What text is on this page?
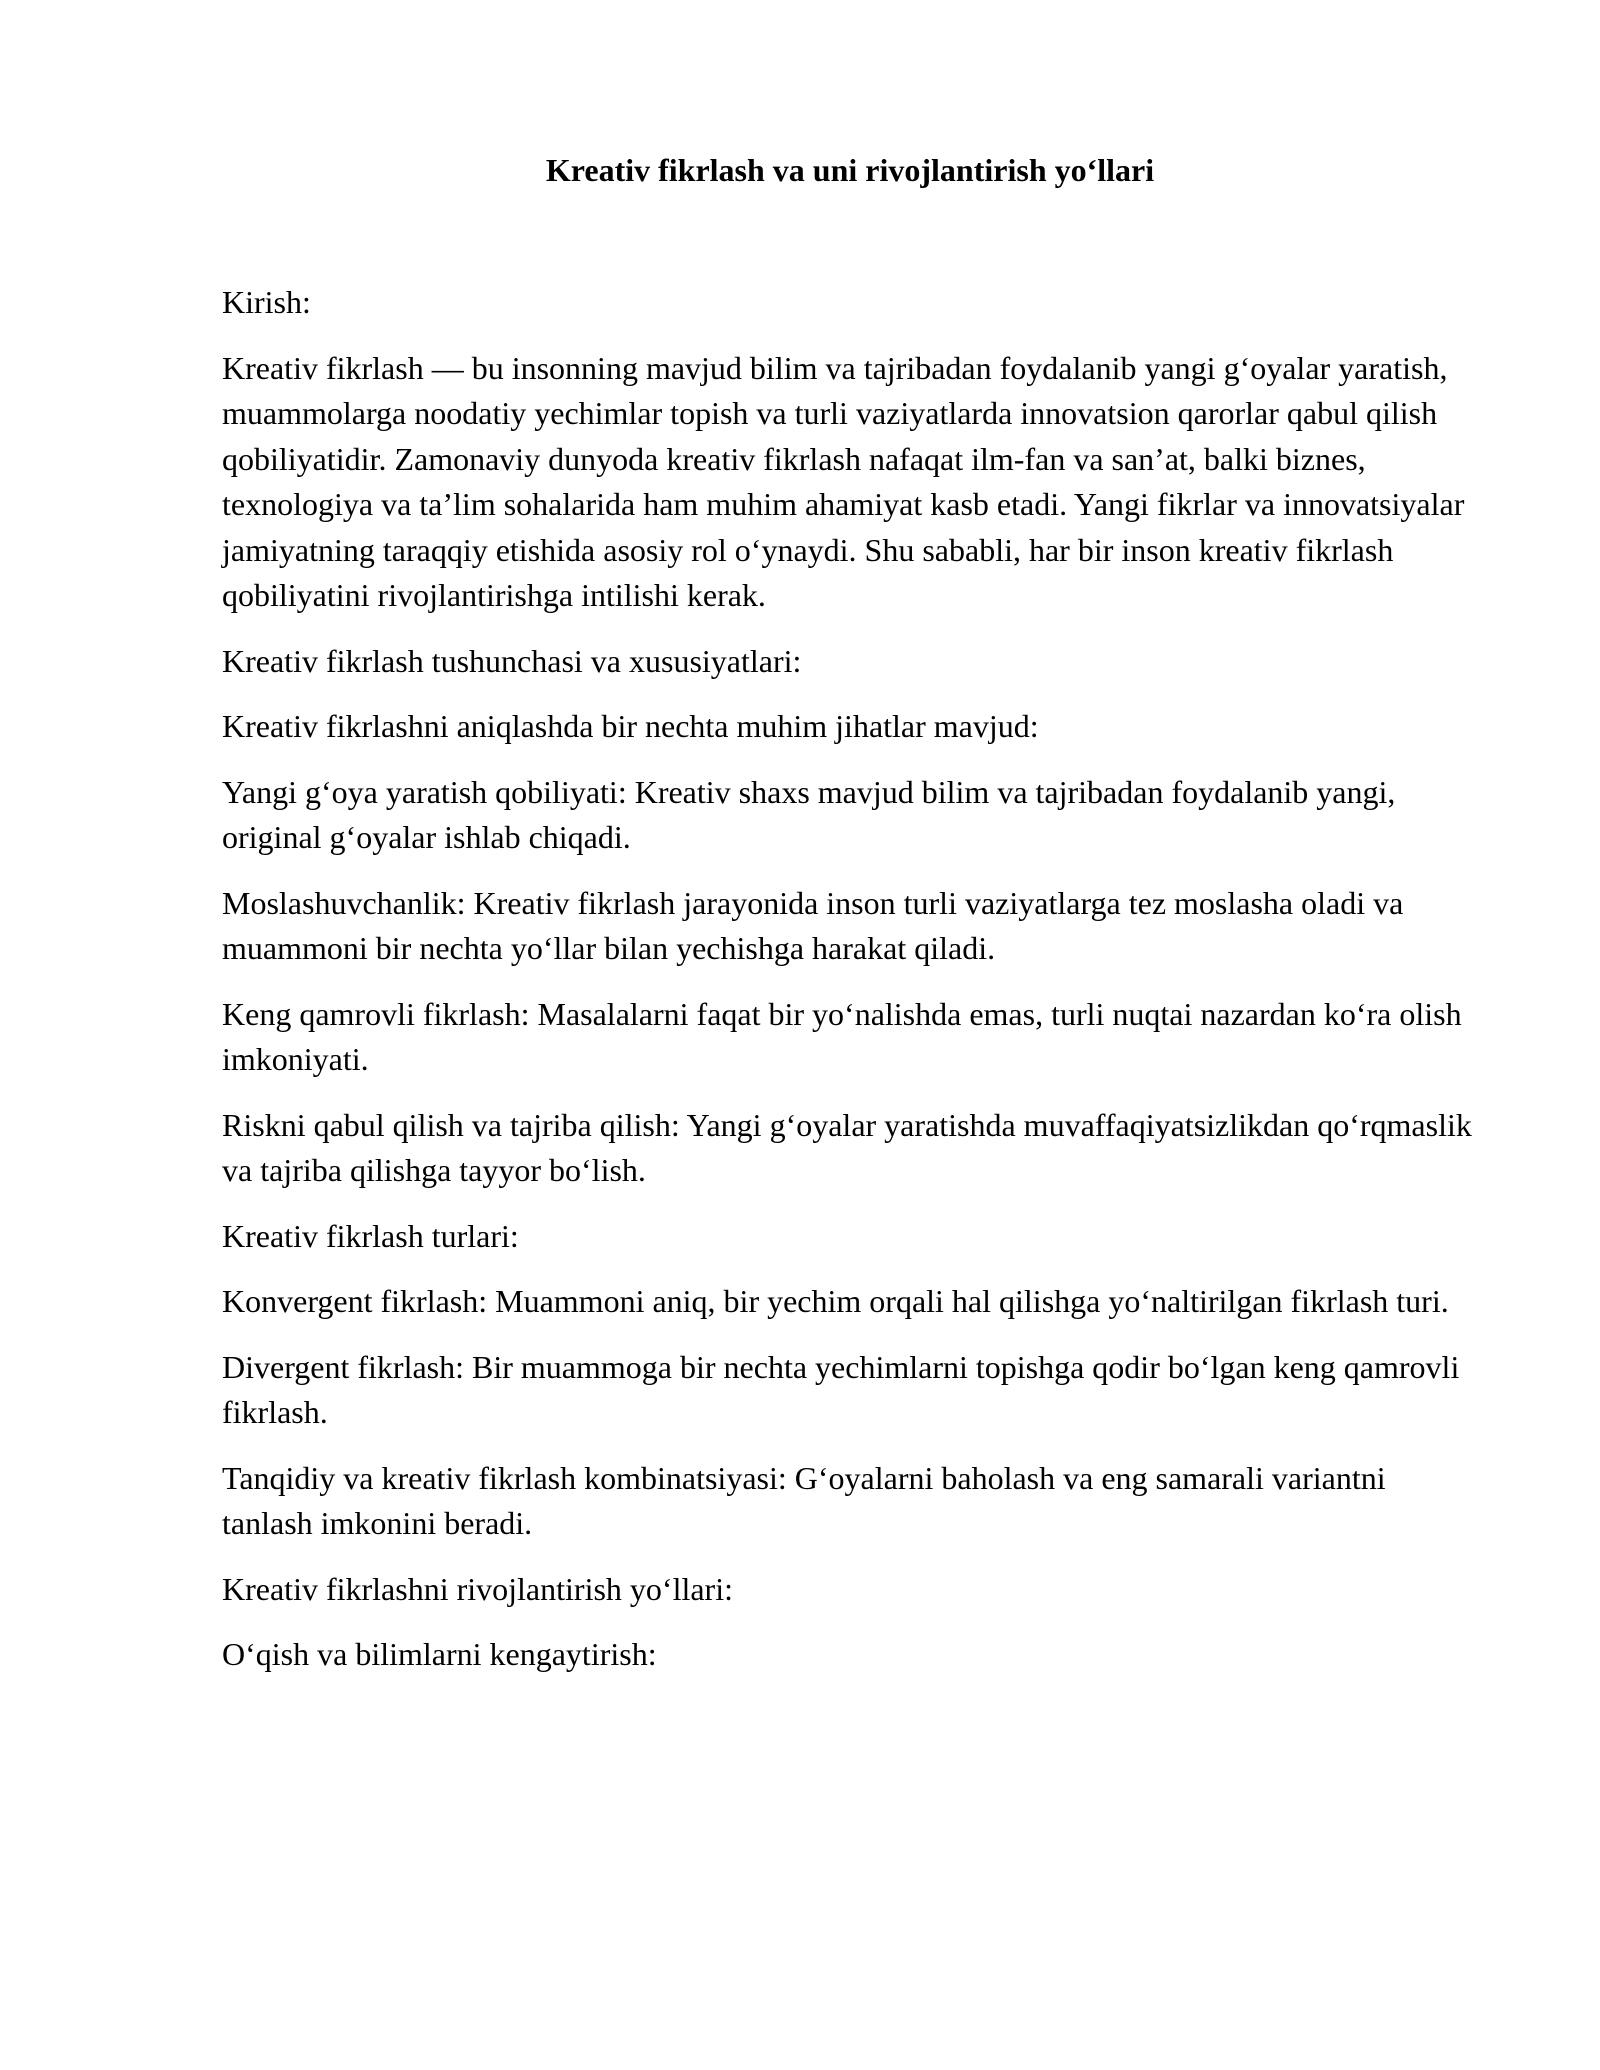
Kreativ fikrlash va uni rivojlantirish yo‘llari

Kirish:

Kreativ fikrlash — bu insonning mavjud bilim va tajribadan foydalanib yangi g‘oyalar yaratish, muammolarga noodatiy yechimlar topish va turli vaziyatlarda innovatsion qarorlar qabul qilish qobiliyatidir. Zamonaviy dunyoda kreativ fikrlash nafaqat ilm-fan va san’at, balki biznes, texnologiya va ta’lim sohalarida ham muhim ahamiyat kasb etadi. Yangi fikrlar va innovatsiyalar jamiyatning taraqqiy etishida asosiy rol o‘ynaydi. Shu sababli, har bir inson kreativ fikrlash qobiliyatini rivojlantirishga intilishi kerak.

Kreativ fikrlash tushunchasi va xususiyatlari:

Kreativ fikrlashni aniqlashda bir nechta muhim jihatlar mavjud:

Yangi g‘oya yaratish qobiliyati: Kreativ shaxs mavjud bilim va tajribadan foydalanib yangi, original g‘oyalar ishlab chiqadi.

Moslashuvchanlik: Kreativ fikrlash jarayonida inson turli vaziyatlarga tez moslasha oladi va muammoni bir nechta yo‘llar bilan yechishga harakat qiladi.

Keng qamrovli fikrlash: Masalalarni faqat bir yo‘nalishda emas, turli nuqtai nazardan ko‘ra olish imkoniyati.

Riskni qabul qilish va tajriba qilish: Yangi g‘oyalar yaratishda muvaffaqiyatsizlikdan qo‘rqmaslik va tajriba qilishga tayyor bo‘lish.

Kreativ fikrlash turlari:

Konvergent fikrlash: Muammoni aniq, bir yechim orqali hal qilishga yo‘naltirilgan fikrlash turi.

Divergent fikrlash: Bir muammoga bir nechta yechimlarni topishga qodir bo‘lgan keng qamrovli fikrlash.

Tanqidiy va kreativ fikrlash kombinatsiyasi: G‘oyalarni baholash va eng samarali variantni tanlash imkonini beradi.

Kreativ fikrlashni rivojlantirish yo‘llari:

O‘qish va bilimlarni kengaytirish:
